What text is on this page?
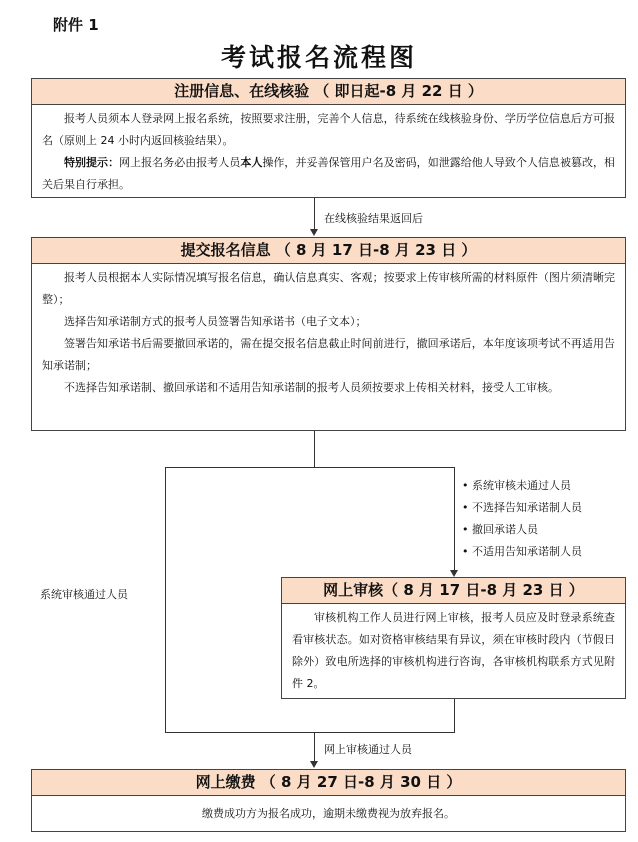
附件 1
考试报名流程图
注册信息、在线核验 （ 即日起-8 月 22 日 ）

报考人员须本人登录网上报名系统，按照要求注册，完善个人信息，待系统在线核验身份、学历学位信息后方可报名（原则上 24 小时内返回核验结果）。

特别提示：网上报名务必由报考人员本人操作，并妥善保管用户名及密码，如泄露给他人导致个人信息被篡改，相关后果自行承担。

在线核验结果返回后
提交报名信息 （ 8 月 17 日-8 月 23 日 ）

报考人员根据本人实际情况填写报名信息，确认信息真实、客观；按要求上传审核所需的材料原件（图片须清晰完整）；

选择告知承诺制方式的报考人员签署告知承诺书（电子文本）；

签署告知承诺书后需要撤回承诺的，需在提交报名信息截止时间前进行，撤回承诺后，本年度该项考试不再适用告知承诺制；

不选择告知承诺制、撤回承诺和不适用告知承诺制的报考人员须按要求上传相关材料，接受人工审核。

系统审核通过人员
• 系统审核未通过人员
• 不选择告知承诺制人员
• 撤回承诺人员
• 不适用告知承诺制人员
网上审核（ 8 月 17 日-8 月 23 日 ）

审核机构工作人员进行网上审核，报考人员应及时登录系统查看审核状态。如对资格审核结果有异议，须在审核时段内（节假日除外）致电所选择的审核机构进行咨询，各审核机构联系方式见附件 2。

网上审核通过人员
网上缴费 （ 8 月 27 日-8 月 30 日 ）
缴费成功方为报名成功，逾期未缴费视为放弃报名。
